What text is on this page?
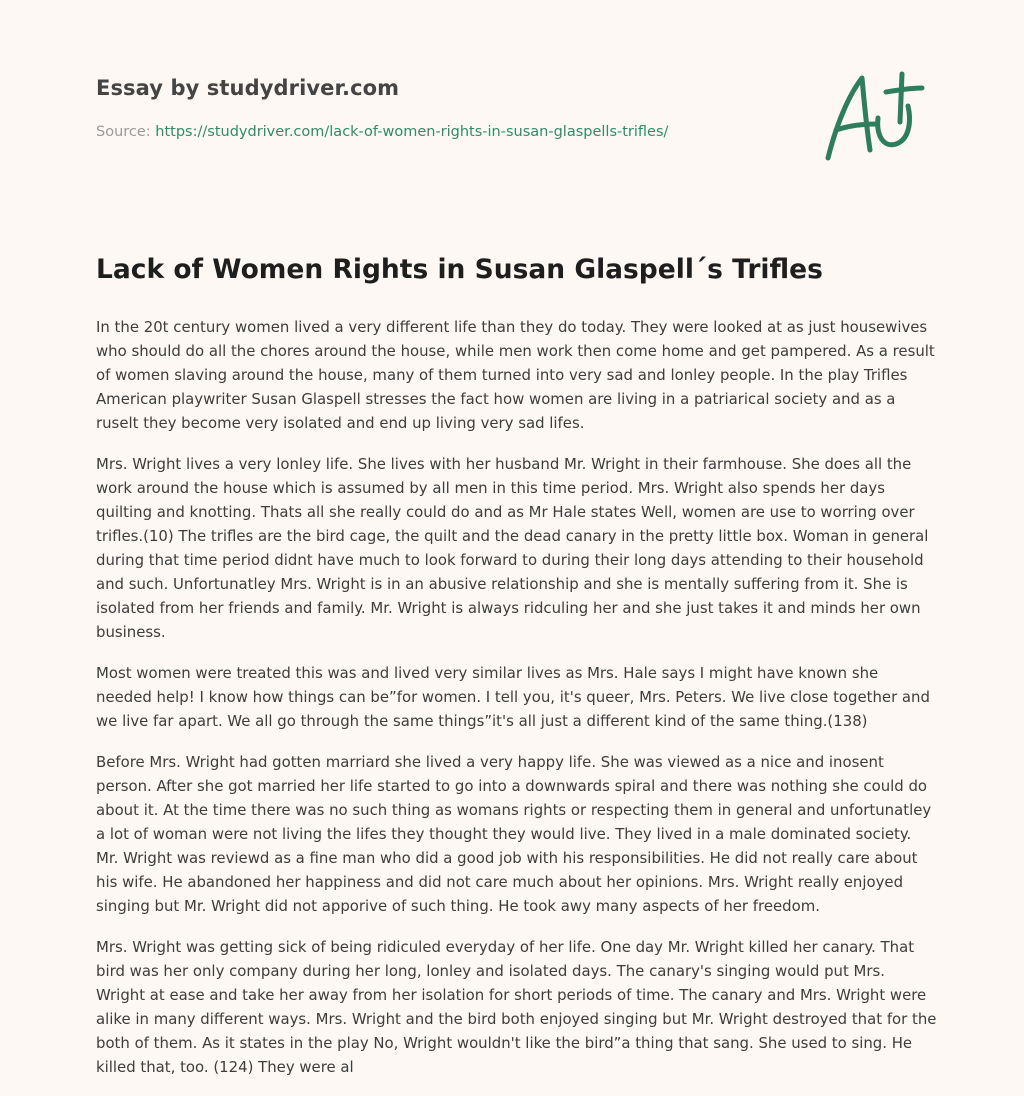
Essay by studydriver.com
Source: https://studydriver.com/lack-of-women-rights-in-susan-glaspells-trifles/
Lack of Women Rights in Susan Glaspell´s Trifles

In the 20t century women lived a very different life than they do today. They were looked at as just housewives who should do all the chores around the house, while men work then come home and get pampered. As a result of women slaving around the house, many of them turned into very sad and lonley people. In the play Trifles American playwriter Susan Glaspell stresses the fact how women are living in a patriarical society and as a ruselt they become very isolated and end up living very sad lifes.

Mrs. Wright lives a very lonley life. She lives with her husband Mr. Wright in their farmhouse. She does all the work around the house which is assumed by all men in this time period. Mrs. Wright also spends her days quilting and knotting. Thats all she really could do and as Mr Hale states Well, women are use to worring over trifles.(10) The trifles are the bird cage, the quilt and the dead canary in the pretty little box. Woman in general during that time period didnt have much to look forward to during their long days attending to their household and such. Unfortunatley Mrs. Wright is in an abusive relationship and she is mentally suffering from it. She is isolated from her friends and family. Mr. Wright is always ridculing her and she just takes it and minds her own business.

Most women were treated this was and lived very similar lives as Mrs. Hale says I might have known she needed help! I know how things can be”for women. I tell you, it's queer, Mrs. Peters. We live close together and we live far apart. We all go through the same things”it's all just a different kind of the same thing.(138)

Before Mrs. Wright had gotten marriard she lived a very happy life. She was viewed as a nice and inosent person. After she got married her life started to go into a downwards spiral and there was nothing she could do about it. At the time there was no such thing as womans rights or respecting them in general and unfortunatley a lot of woman were not living the lifes they thought they would live. They lived in a male dominated society. Mr. Wright was reviewd as a fine man who did a good job with his responsibilities. He did not really care about his wife. He abandoned her happiness and did not care much about her opinions. Mrs. Wright really enjoyed singing but Mr. Wright did not apporive of such thing. He took awy many aspects of her freedom.

Mrs. Wright was getting sick of being ridiculed everyday of her life. One day Mr. Wright killed her canary. That bird was her only company during her long, lonley and isolated days. The canary's singing would put Mrs. Wright at ease and take her away from her isolation for short periods of time. The canary and Mrs. Wright were alike in many different ways. Mrs. Wright and the bird both enjoyed singing but Mr. Wright destroyed that for the both of them. As it states in the play No, Wright wouldn't like the bird”a thing that sang. She used to sing. He killed that, too. (124) They were al
